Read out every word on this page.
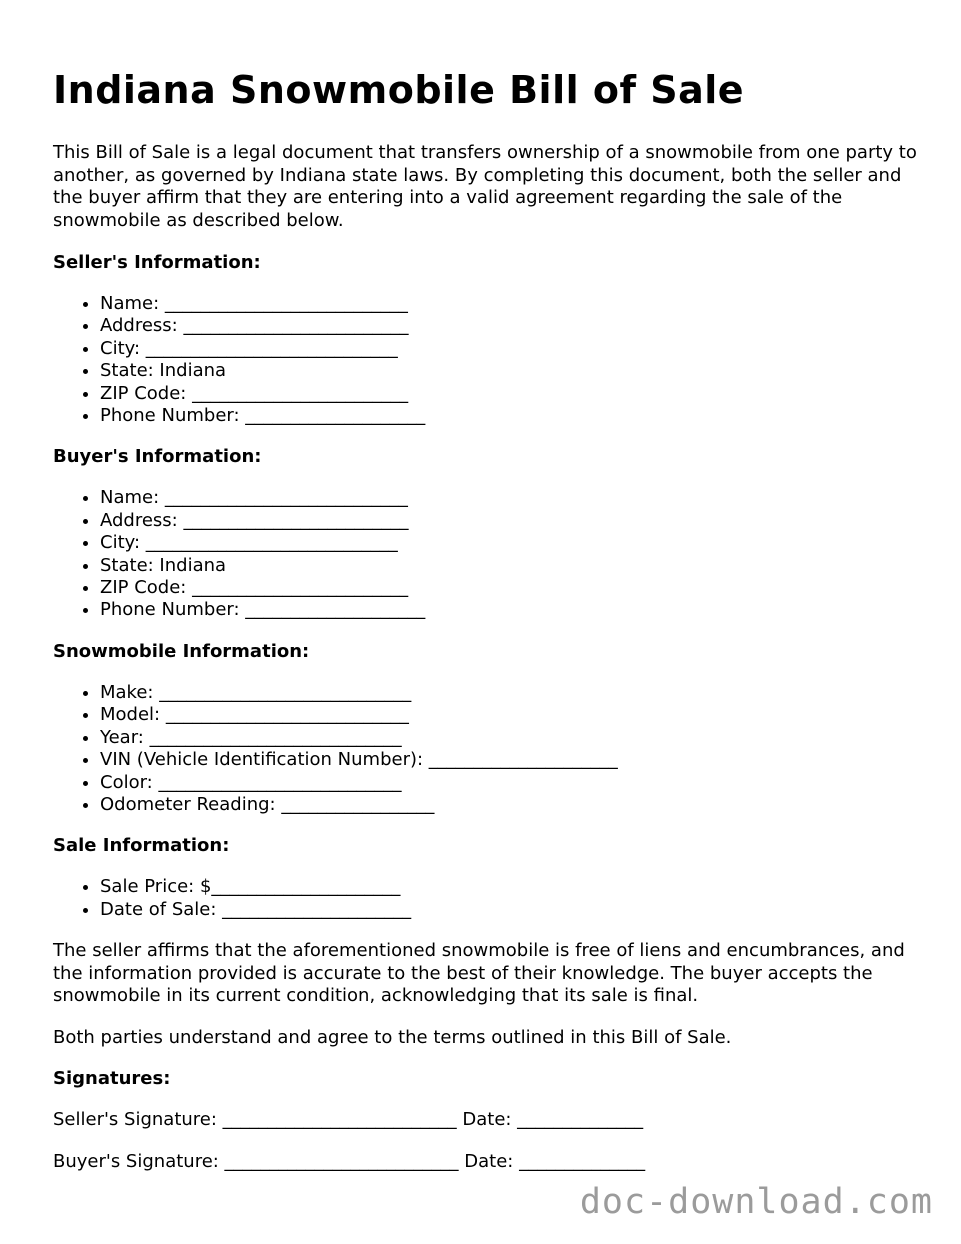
Indiana Snowmobile Bill of Sale

This Bill of Sale is a legal document that transfers ownership of a snowmobile from one party to another, as governed by Indiana state laws. By completing this document, both the seller and the buyer affirm that they are entering into a valid agreement regarding the sale of the snowmobile as described below.

Seller's Information:
• Name: ___________________________
• Address: _________________________
• City: ____________________________
• State: Indiana
• ZIP Code: ________________________
• Phone Number: ____________________
Buyer's Information:
• Name: ___________________________
• Address: _________________________
• City: ____________________________
• State: Indiana
• ZIP Code: ________________________
• Phone Number: ____________________
Snowmobile Information:
• Make: ____________________________
• Model: ___________________________
• Year: ____________________________
• VIN (Vehicle Identification Number): _____________________
• Color: ___________________________
• Odometer Reading: _________________
Sale Information:
• Sale Price: $_____________________
• Date of Sale: _____________________

The seller affirms that the aforementioned snowmobile is free of liens and encumbrances, and the information provided is accurate to the best of their knowledge. The buyer accepts the snowmobile in its current condition, acknowledging that its sale is final.

Both parties understand and agree to the terms outlined in this Bill of Sale.

Signatures:

Seller's Signature: __________________________ Date: ______________

Buyer's Signature: __________________________ Date: ______________

doc-download.com
